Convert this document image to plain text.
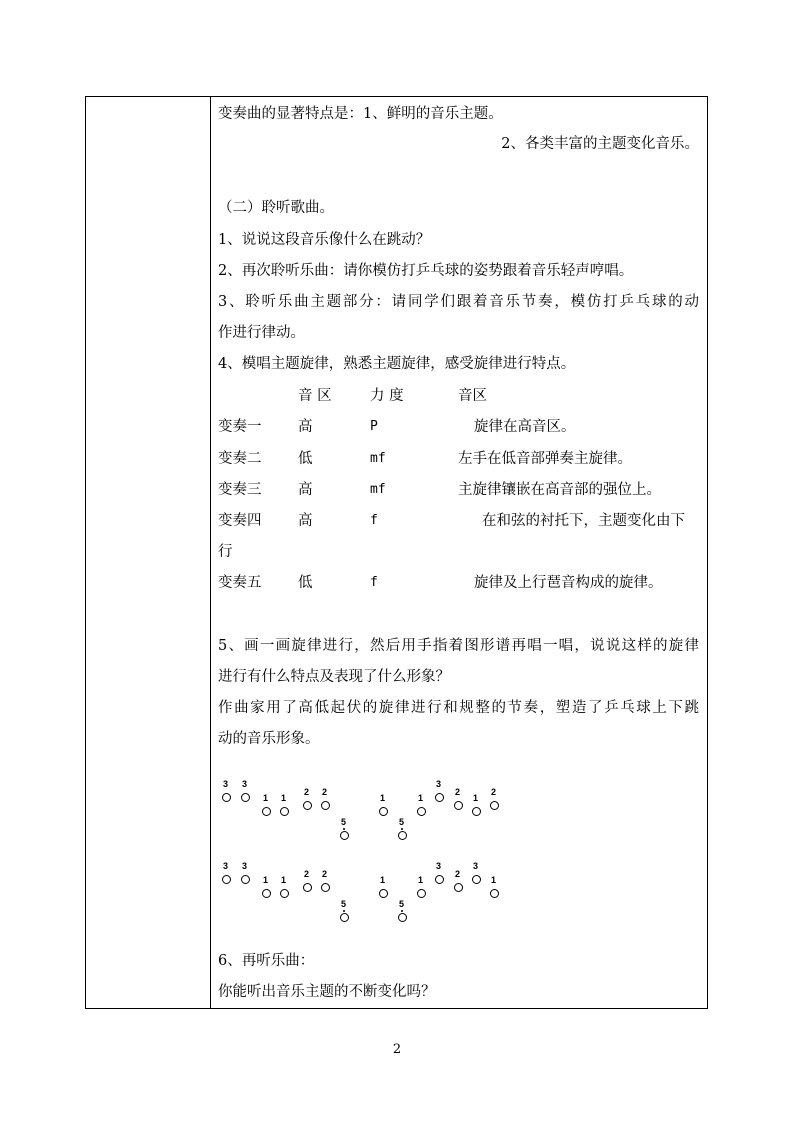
变奏曲的显著特点是：1、鲜明的音乐主题。
2、各类丰富的主题变化音乐。
（二）聆听歌曲。
1、说说这段音乐像什么在跳动？
2、再次聆听乐曲：请你模仿打乒乓球的姿势跟着音乐轻声哼唱。
3、聆听乐曲主题部分：请同学们跟着音乐节奏，模仿打乒乓球的动
作进行律动。
4、模唱主题旋律，熟悉主题旋律，感受旋律进行特点。
音 区	力 度	音区
变奏一	高	P	旋律在高音区。
变奏二	低	mf	左手在低音部弹奏主旋律。
变奏三	高	mf	主旋律镶嵌在高音部的强位上。
变奏四	高	f	在和弦的衬托下，主题变化由下
行
变奏五	低	f	旋律及上行琶音构成的旋律。
5、画一画旋律进行，然后用手指着图形谱再唱一唱，说说这样的旋律
进行有什么特点及表现了什么形象？
作曲家用了高低起伏的旋律进行和规整的节奏，塑造了乒乓球上下跳
动的音乐形象。
3 3
1 1
2 2
5
1
5
1
3
2
1
2
3 3
1 1
2 2
5
1
5
1
3
2
3
1
6、再听乐曲：
你能听出音乐主题的不断变化吗？
2
